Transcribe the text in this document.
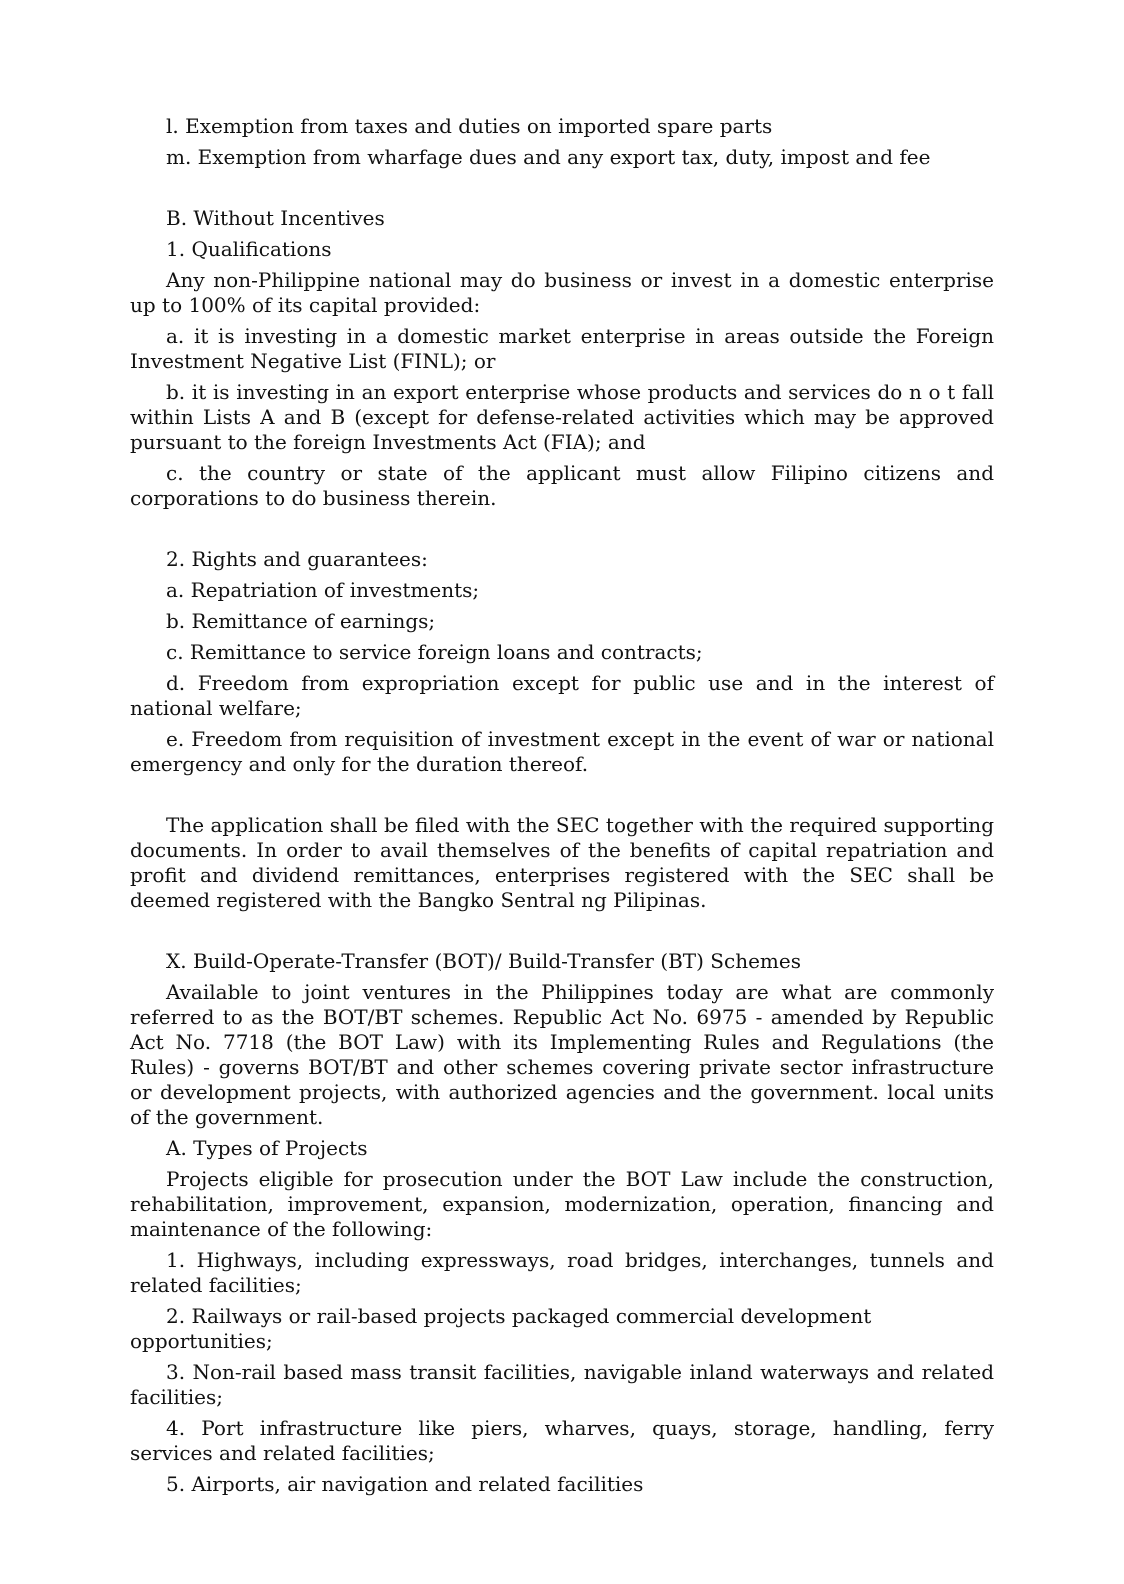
l. Exemption from taxes and duties on imported spare parts

m. Exemption from wharfage dues and any export tax, duty, impost and fee

B. Without Incentives

1. Qualifications

Any non-Philippine national may do business or invest in a domestic enterprise up to 100% of its capital provided:

a. it is investing in a domestic market enterprise in areas outside the Foreign Investment Negative List (FINL); or

b. it is investing in an export enterprise whose products and services do n o t fall within Lists A and B (except for defense-related activities which may be approved pursuant to the foreign Investments Act (FIA); and

c. the country or state of the applicant must allow Filipino citizens and corporations to do business therein.

2. Rights and guarantees:

a. Repatriation of investments;

b. Remittance of earnings;

c. Remittance to service foreign loans and contracts;

d. Freedom from expropriation except for public use and in the interest of national welfare;

e. Freedom from requisition of investment except in the event of war or national emergency and only for the duration thereof.

The application shall be filed with the SEC together with the required supporting documents. In order to avail themselves of the benefits of capital repatriation and profit and dividend remittances, enterprises registered with the SEC shall be deemed registered with the Bangko Sentral ng Pilipinas.

X. Build-Operate-Transfer (BOT)/ Build-Transfer (BT) Schemes

Available to joint ventures in the Philippines today are what are commonly referred to as the BOT/BT schemes. Republic Act No. 6975 - amended by Republic Act No. 7718 (the BOT Law) with its Implementing Rules and Regulations (the Rules) - governs BOT/BT and other schemes covering private sector infrastructure or development projects, with authorized agencies and the government. local units of the government.

A. Types of Projects

Projects eligible for prosecution under the BOT Law include the construction, rehabilitation, improvement, expansion, modernization, operation, financing and maintenance of the following:

1. Highways, including expressways, road bridges, interchanges, tunnels and related facilities;

2. Railways or rail-based projects packaged commercial development opportunities;

3. Non-rail based mass transit facilities, navigable inland waterways and related facilities;

4. Port infrastructure like piers, wharves, quays, storage, handling, ferry services and related facilities;

5. Airports, air navigation and related facilities
